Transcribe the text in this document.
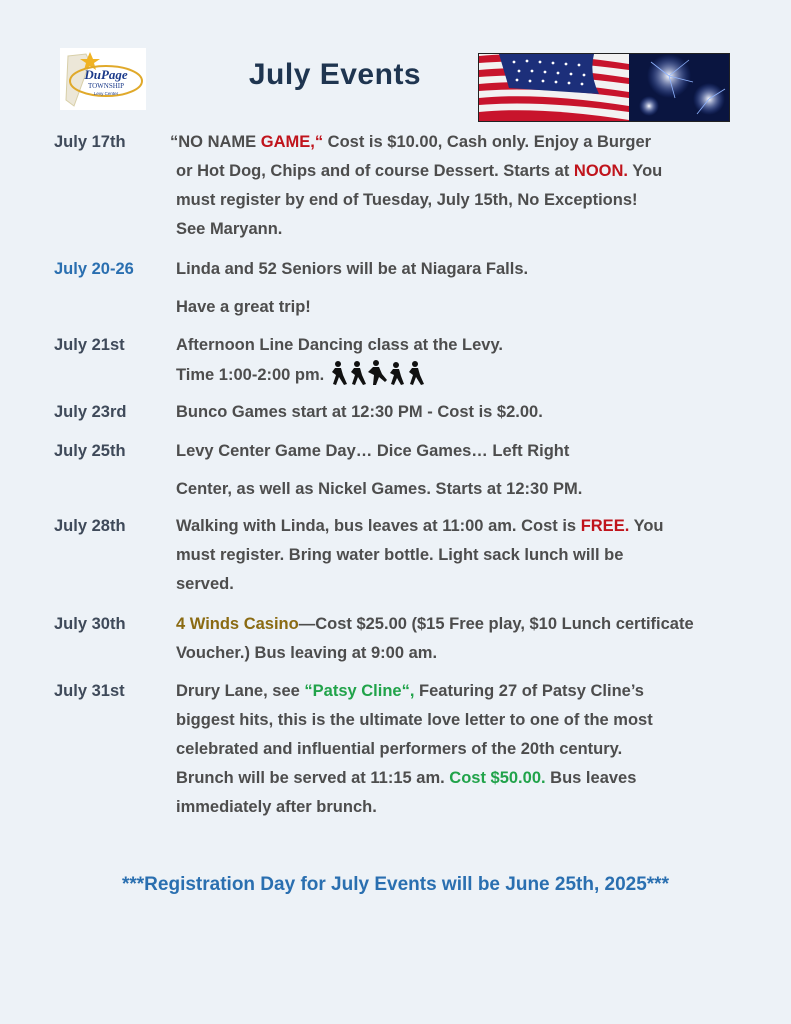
DuPage
TOWNSHIP
Levy Center
July Events
July 17th	“NO NAME GAME,“ Cost is $10.00, Cash only. Enjoy a Burger
or Hot Dog, Chips and of course Dessert. Starts at NOON. You
must register by end of Tuesday, July 15th, No Exceptions!
See Maryann.
July 20-26	Linda and 52 Seniors will be at Niagara Falls.
Have a great trip!
July 21st	Afternoon Line Dancing class at the Levy.
Time 1:00-2:00 pm.
July 23rd	Bunco Games start at 12:30 PM - Cost is $2.00.
July 25th	Levy Center Game Day… Dice Games… Left Right
Center, as well as Nickel Games. Starts at 12:30 PM.
July 28th	Walking with Linda, bus leaves at 11:00 am. Cost is FREE. You
must register. Bring water bottle. Light sack lunch will be
served.
July 30th	4 Winds Casino—Cost $25.00 ($15 Free play, $10 Lunch certificate
Voucher.) Bus leaving at 9:00 am.
July 31st	Drury Lane, see “Patsy Cline“, Featuring 27 of Patsy Cline’s
biggest hits, this is the ultimate love letter to one of the most
celebrated and influential performers of the 20th century.
Brunch will be served at 11:15 am. Cost $50.00. Bus leaves
immediately after brunch.
***Registration Day for July Events will be June 25th, 2025***
